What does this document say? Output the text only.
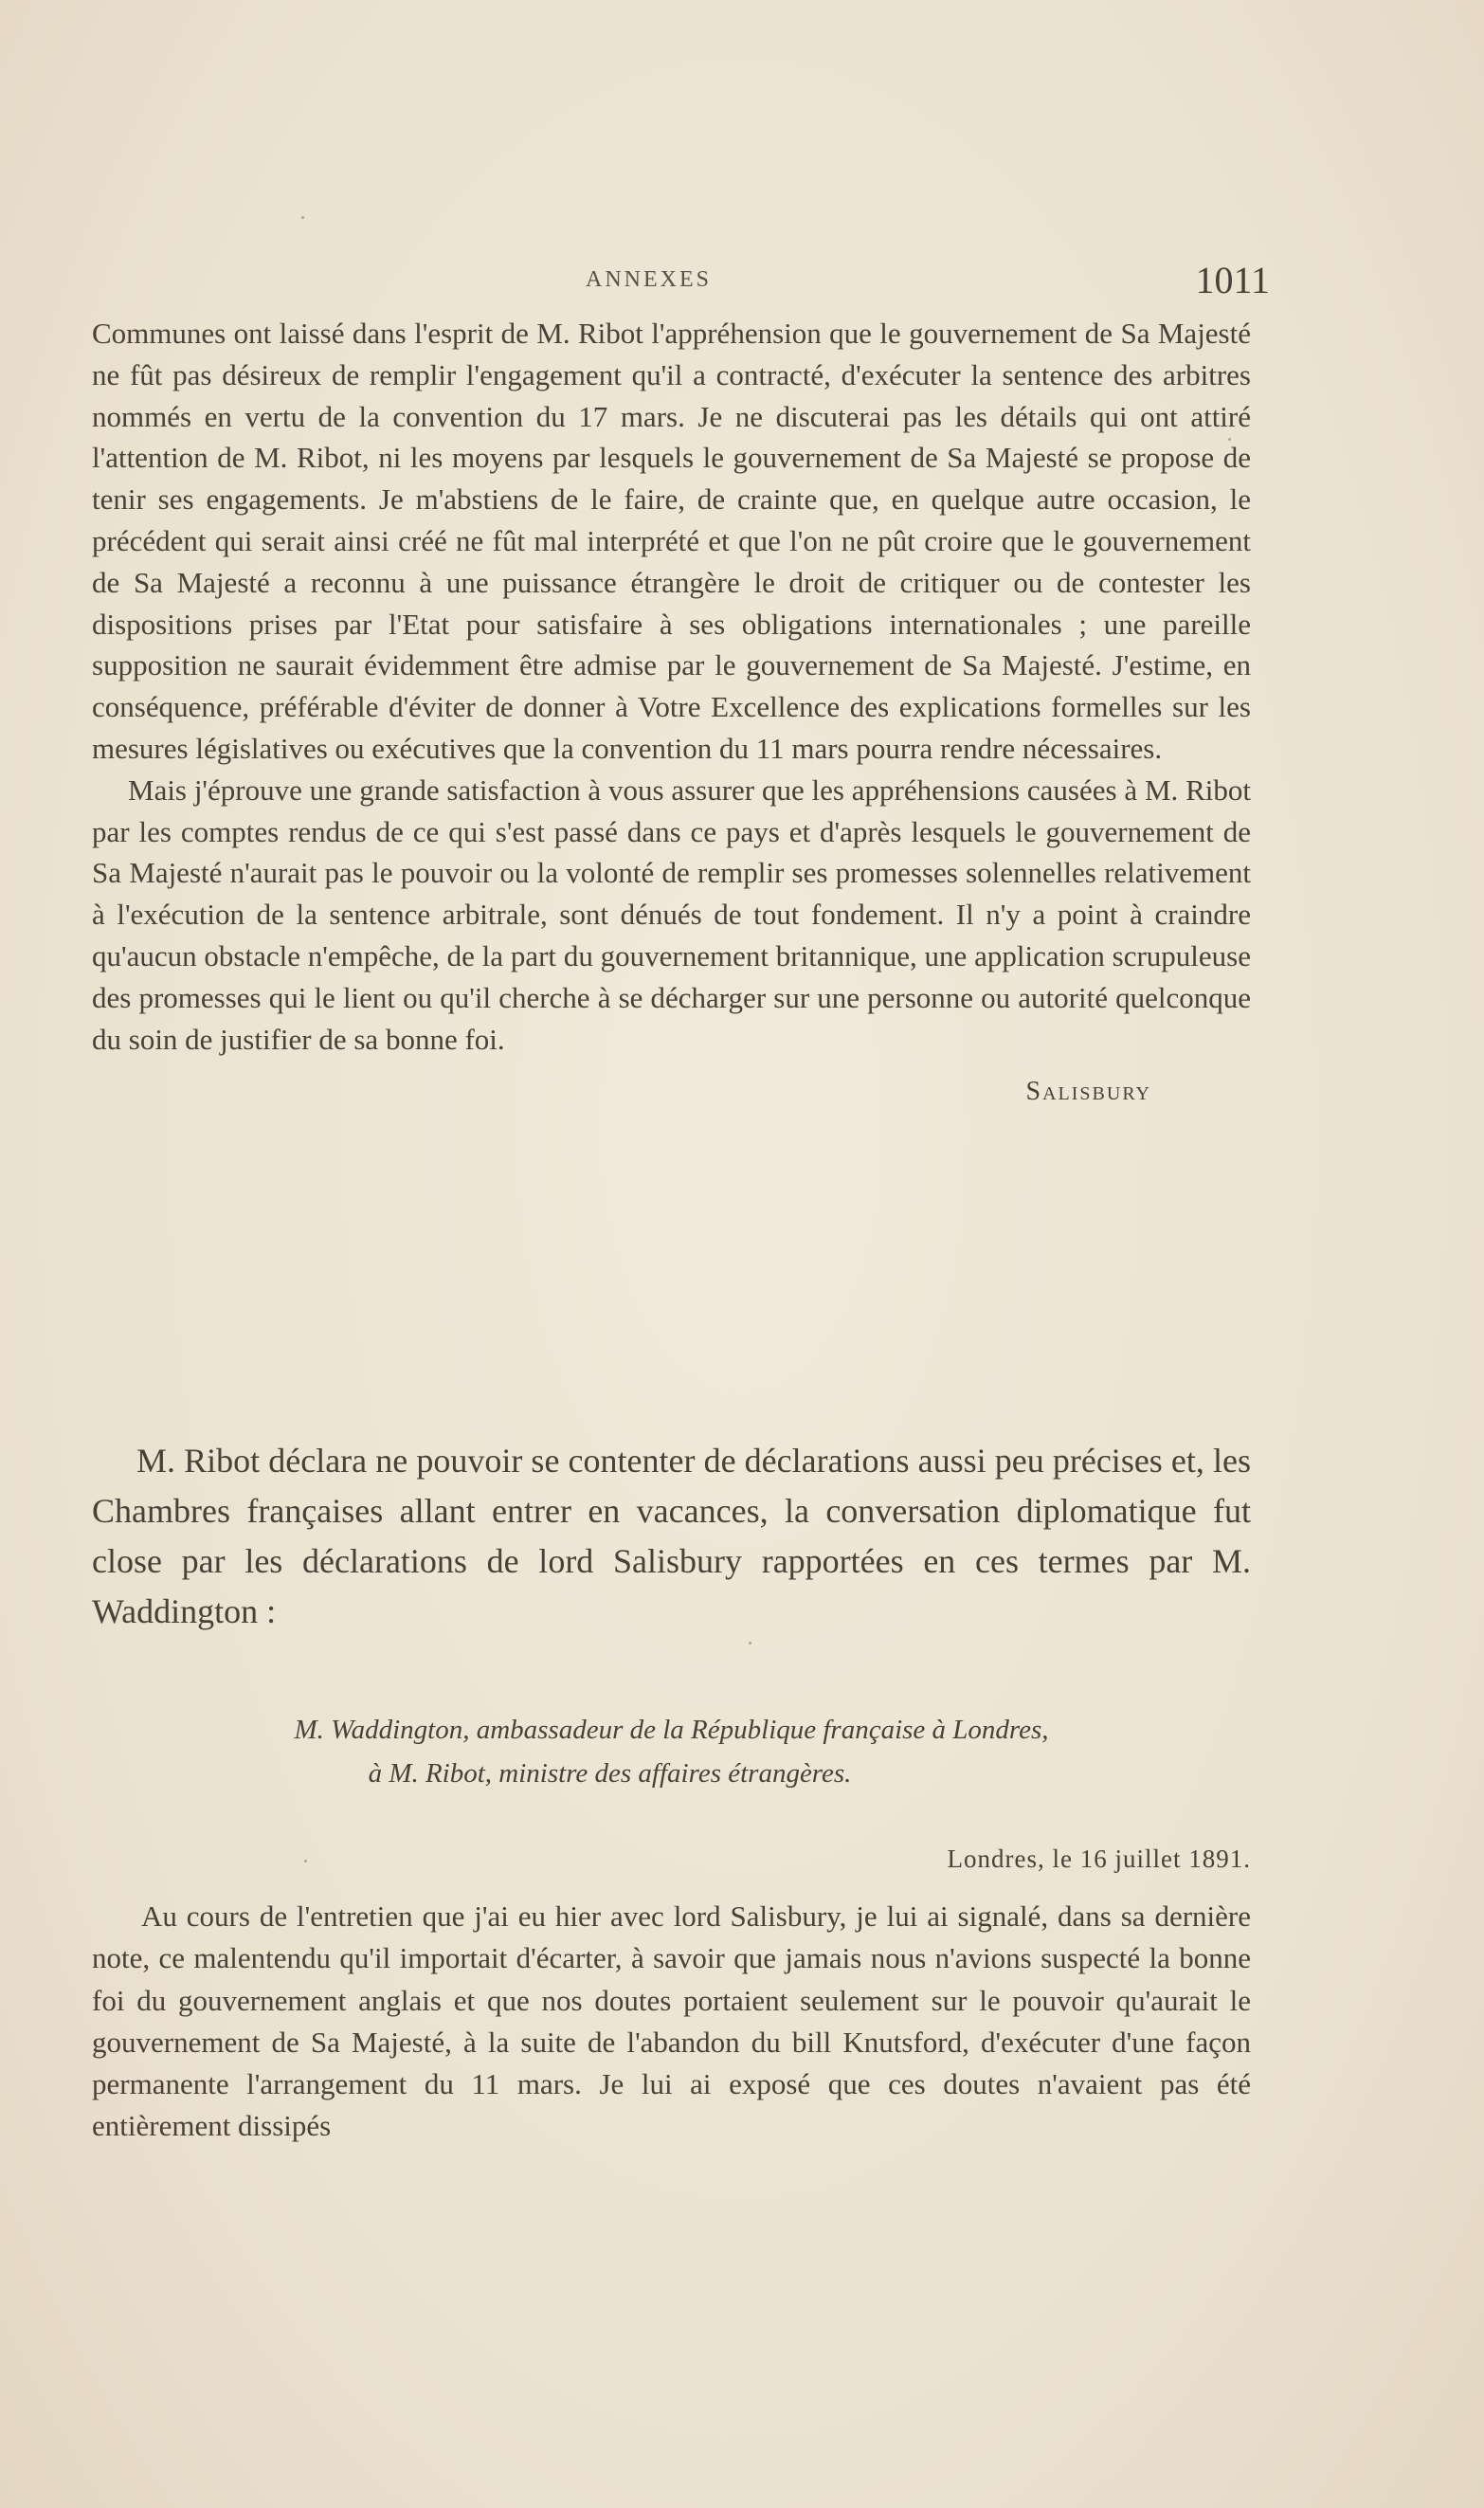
ANNEXES	1011

Communes ont laissé dans l'esprit de M. Ribot l'appréhension que le gouvernement de Sa Majesté ne fût pas désireux de remplir l'engagement qu'il a contracté, d'exécuter la sentence des arbitres nommés en vertu de la convention du 17 mars. Je ne discuterai pas les détails qui ont attiré l'attention de M. Ribot, ni les moyens par lesquels le gouvernement de Sa Majesté se propose de tenir ses engagements. Je m'abstiens de le faire, de crainte que, en quelque autre occasion, le précédent qui serait ainsi créé ne fût mal interprété et que l'on ne pût croire que le gouvernement de Sa Majesté a reconnu à une puissance étrangère le droit de critiquer ou de contester les dispositions prises par l'Etat pour satisfaire à ses obligations internationales ; une pareille supposition ne saurait évidemment être admise par le gouvernement de Sa Majesté. J'estime, en conséquence, préférable d'éviter de donner à Votre Excellence des explications formelles sur les mesures législatives ou exécutives que la convention du 11 mars pourra rendre nécessaires.

Mais j'éprouve une grande satisfaction à vous assurer que les appréhensions causées à M. Ribot par les comptes rendus de ce qui s'est passé dans ce pays et d'après lesquels le gouvernement de Sa Majesté n'aurait pas le pouvoir ou la volonté de remplir ses promesses solennelles relativement à l'exécution de la sentence arbitrale, sont dénués de tout fondement. Il n'y a point à craindre qu'aucun obstacle n'empêche, de la part du gouvernement britannique, une application scrupuleuse des promesses qui le lient ou qu'il cherche à se décharger sur une personne ou autorité quelconque du soin de justifier de sa bonne foi.

Salisbury

M. Ribot déclara ne pouvoir se contenter de déclarations aussi peu précises et, les Chambres françaises allant entrer en vacances, la conversation diplomatique fut close par les déclarations de lord Salisbury rapportées en ces termes par M. Waddington :

M. Waddington, ambassadeur de la République française à Londres,
à M. Ribot, ministre des affaires étrangères.
Londres, le 16 juillet 1891.

Au cours de l'entretien que j'ai eu hier avec lord Salisbury, je lui ai signalé, dans sa dernière note, ce malentendu qu'il importait d'écarter, à savoir que jamais nous n'avions suspecté la bonne foi du gouvernement anglais et que nos doutes portaient seulement sur le pouvoir qu'aurait le gouvernement de Sa Majesté, à la suite de l'abandon du bill Knutsford, d'exécuter d'une façon permanente l'arrangement du 11 mars. Je lui ai exposé que ces doutes n'avaient pas été entièrement dissipés
